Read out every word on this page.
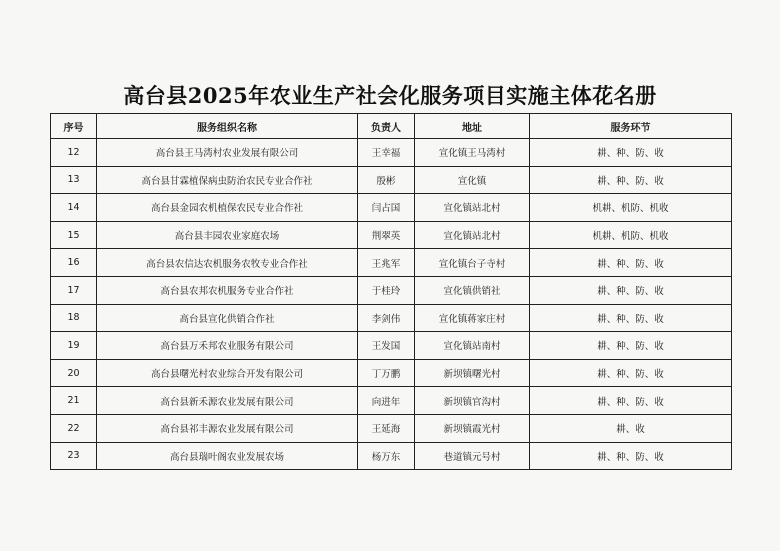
高台县2025年农业生产社会化服务项目实施主体花名册
序号	服务组织名称	负责人	地址	服务环节
12	高台县王马湾村农业发展有限公司	王幸福	宣化镇王马湾村	耕、种、防、收
13	高台县甘霖植保病虫防治农民专业合作社	殷彬	宣化镇	耕、种、防、收
14	高台县金园农机植保农民专业合作社	闫占国	宣化镇站北村	机耕、机防、机收
15	高台县丰园农业家庭农场	荆翠英	宣化镇站北村	机耕、机防、机收
16	高台县农信达农机服务农牧专业合作社	王兆军	宣化镇台子寺村	耕、种、防、收
17	高台县农邦农机服务专业合作社	于桂玲	宣化镇供销社	耕、种、防、收
18	高台县宣化供销合作社	李剑伟	宣化镇蒋家庄村	耕、种、防、收
19	高台县万禾邦农业服务有限公司	王发国	宣化镇站南村	耕、种、防、收
20	高台县曙光村农业综合开发有限公司	丁万鹏	新坝镇曙光村	耕、种、防、收
21	高台县新禾源农业发展有限公司	向进年	新坝镇官沟村	耕、种、防、收
22	高台县祁丰源农业发展有限公司	王延海	新坝镇霞光村	耕、收
23	高台县瑞叶阁农业发展农场	杨万东	巷道镇元号村	耕、种、防、收
